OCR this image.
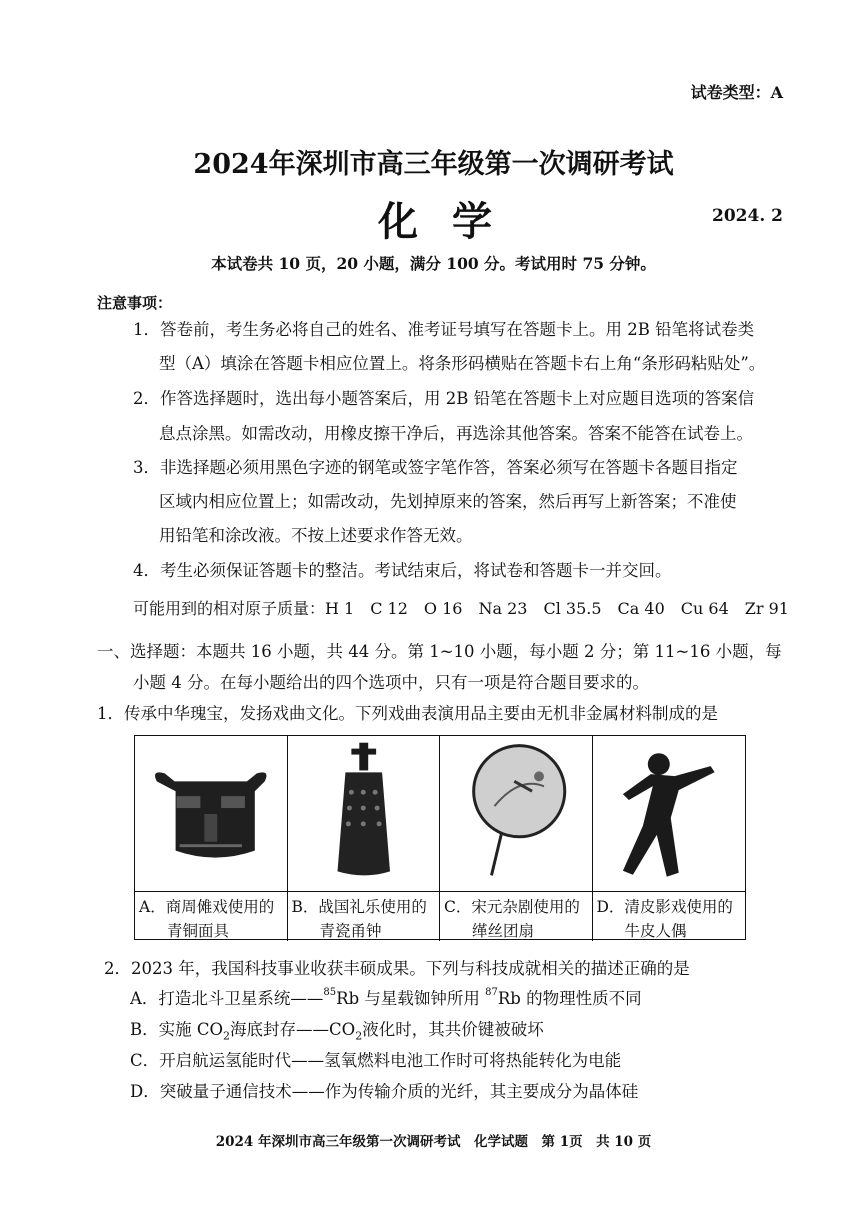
试卷类型：A
2024年深圳市高三年级第一次调研考试
化学	2024. 2
本试卷共 10 页，20 小题，满分 100 分。考试用时 75 分钟。
注意事项：
1．答卷前，考生务必将自己的姓名、准考证号填写在答题卡上。用 2B 铅笔将试卷类
型（A）填涂在答题卡相应位置上。将条形码横贴在答题卡右上角“条形码粘贴处”。
2．作答选择题时，选出每小题答案后，用 2B 铅笔在答题卡上对应题目选项的答案信
息点涂黑。如需改动，用橡皮擦干净后，再选涂其他答案。答案不能答在试卷上。
3．非选择题必须用黑色字迹的钢笔或签字笔作答，答案必须写在答题卡各题目指定
区域内相应位置上；如需改动，先划掉原来的答案，然后再写上新答案；不准使
用铅笔和涂改液。不按上述要求作答无效。
4．考生必须保证答题卡的整洁。考试结束后，将试卷和答题卡一并交回。
可能用到的相对原子质量：H 1　C 12　O 16　Na 23　Cl 35.5　Ca 40　Cu 64　Zr 91
一、选择题：本题共 16 小题，共 44 分。第 1~10 小题，每小题 2 分；第 11~16 小题，每
小题 4 分。在每小题给出的四个选项中，只有一项是符合题目要求的。
1．传承中华瑰宝，发扬戏曲文化。下列戏曲表演用品主要由无机非金属材料制成的是
A．商周傩戏使用的
青铜面具
B．战国礼乐使用的
青瓷甬钟
C．宋元杂剧使用的
缂丝团扇
D．清皮影戏使用的
牛皮人偶
2．2023 年，我国科技事业收获丰硕成果。下列与科技成就相关的描述正确的是
A．打造北斗卫星系统——$^{85}$Rb 与星载铷钟所用 $^{87}$Rb 的物理性质不同
B．实施 $CO_2$海底封存$——CO_2$液化时，其共价键被破坏
C．开启航运氢能时代——氢氧燃料电池工作时可将热能转化为电能
D．突破量子通信技术——作为传输介质的光纤，其主要成分为晶体硅
2024 年深圳市高三年级第一次调研考试　化学试题　第 1页　共 10 页
